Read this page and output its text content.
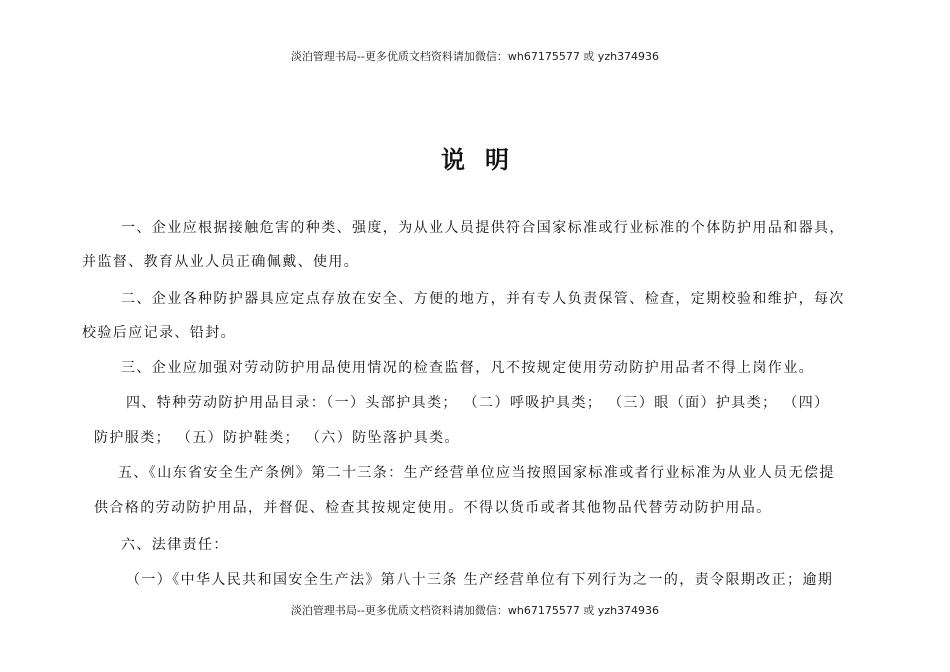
淡泊管理书局--更多优质文档资料请加微信：wh67175577 或 yzh374936
说明
一、企业应根据接触危害的种类、强度，为从业人员提供符合国家标准或行业标准的个体防护用品和器具，
并监督、教育从业人员正确佩戴、使用。
二、企业各种防护器具应定点存放在安全、方便的地方，并有专人负责保管、检查，定期校验和维护，每次
校验后应记录、铅封。
三、企业应加强对劳动防护用品使用情况的检查监督，凡不按规定使用劳动防护用品者不得上岗作业。
四、特种劳动防护用品目录：（一）头部护具类； （二）呼吸护具类； （三）眼（面）护具类； （四）
防护服类； （五）防护鞋类； （六）防坠落护具类。
五、《山东省安全生产条例》第二十三条：生产经营单位应当按照国家标准或者行业标准为从业人员无偿提
供合格的劳动防护用品，并督促、检查其按规定使用。不得以货币或者其他物品代替劳动防护用品。
六、法律责任：
（一）《中华人民共和国安全生产法》第八十三条 生产经营单位有下列行为之一的，责令限期改正；逾期
淡泊管理书局--更多优质文档资料请加微信：wh67175577 或 yzh374936
